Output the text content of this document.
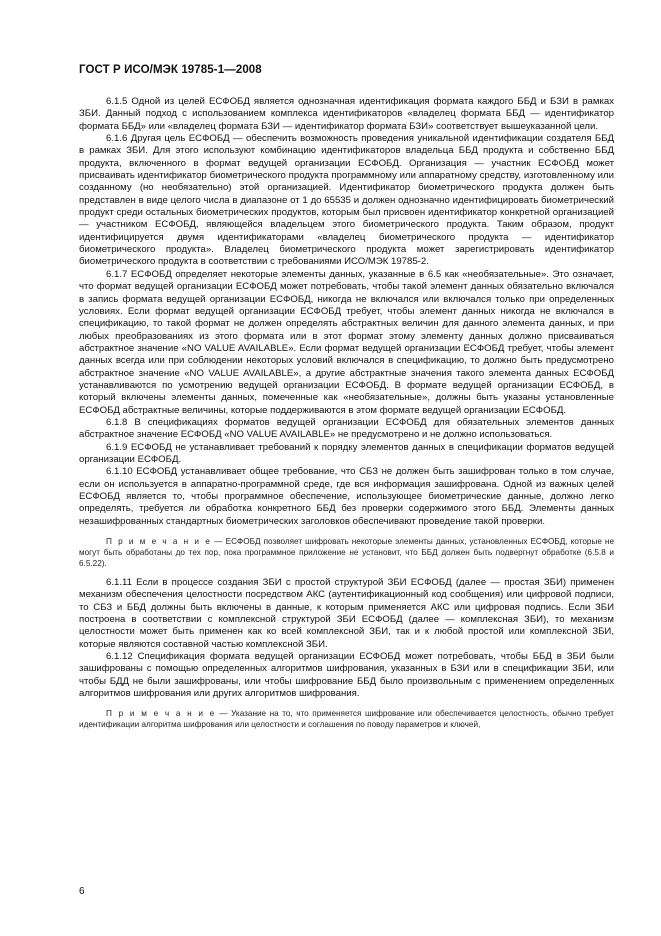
ГОСТ Р ИСО/МЭК 19785-1—2008

6.1.5 Одной из целей ЕСФОБД является однозначная идентификация формата каждого ББД и БЗИ в рамках ЗБИ. Данный подход с использованием комплекса идентификаторов «владелец формата ББД — идентификатор формата ББД» или «владелец формата БЗИ — идентификатор формата БЗИ» соответствует вышеуказанной цели.

6.1.6 Другая цель ЕСФОБД — обеспечить возможность проведения уникальной идентификации создателя ББД в рамках ЗБИ. Для этого используют комбинацию идентификаторов владельца ББД продукта и собственно ББД продукта, включенного в формат ведущей организации ЕСФОБД. Организация — участник ЕСФОБД может присваивать идентификатор биометрического продукта программному или аппаратному средству, изготовленному или созданному (но необязательно) этой организацией. Идентификатор биометрического продукта должен быть представлен в виде целого числа в диапазоне от 1 до 65535 и должен однозначно идентифицировать биометрический продукт среди остальных биометрических продуктов, которым был присвоен идентификатор конкретной организацией — участником ЕСФОБД, являющейся владельцем этого биометрического продукта. Таким образом, продукт идентифицируется двумя идентификаторами «владелец биометрического продукта — идентификатор биометрического продукта». Владелец биометрического продукта может зарегистрировать идентификатор биометрического продукта в соответствии с требованиями ИСО/МЭК 19785-2.

6.1.7 ЕСФОБД определяет некоторые элементы данных, указанные в 6.5 как «необязательные». Это означает, что формат ведущей организации ЕСФОБД может потребовать, чтобы такой элемент данных обязательно включался в запись формата ведущей организации ЕСФОБД, никогда не включался или включался только при определенных условиях. Если формат ведущей организации ЕСФОБД требует, чтобы элемент данных никогда не включался в спецификацию, то такой формат не должен определять абстрактных величин для данного элемента данных, и при любых преобразованиях из этого формата или в этот формат этому элементу данных должно присваиваться абстрактное значение «NO VALUE AVAILABLE». Если формат ведущей организации ЕСФОБД требует, чтобы элемент данных всегда или при соблюдении некоторых условий включался в спецификацию, то должно быть предусмотрено абстрактное значение «NO VALUE AVAILABLE», а другие абстрактные значения такого элемента данных ЕСФОБД устанавливаются по усмотрению ведущей организации ЕСФОБД. В формате ведущей организации ЕСФОБД, в который включены элементы данных, помеченные как «необязательные», должны быть указаны установленные ЕСФОБД абстрактные величины, которые поддерживаются в этом формате ведущей организации ЕСФОБД.

6.1.8 В спецификациях форматов ведущей организации ЕСФОБД для обязательных элементов данных абстрактное значение ЕСФОБД «NO VALUE AVAILABLE» не предусмотрено и не должно использоваться.

6.1.9 ЕСФОБД не устанавливает требований к порядку элементов данных в спецификации форматов ведущей организации ЕСФОБД.

6.1.10 ЕСФОБД устанавливает общее требование, что СБЗ не должен быть зашифрован только в том случае, если он используется в аппаратно-программной среде, где вся информация зашифрована. Одной из важных целей ЕСФОБД является то, чтобы программное обеспечение, использующее биометрические данные, должно легко определять, требуется ли обработка конкретного ББД без проверки содержимого этого ББД. Элементы данных незашифрованных стандартных биометрических заголовков обеспечивают проведение такой проверки.

П р и м е ч а н и е — ЕСФОБД позволяет шифровать некоторые элементы данных, установленных ЕСФОБД, которые не могут быть обработаны до тех пор, пока программное приложение не установит, что ББД должен быть подвергнут обработке (6.5.8 и 6.5.22).

6.1.11 Если в процессе создания ЗБИ с простой структурой ЗБИ ЕСФОБД (далее — простая ЗБИ) применен механизм обеспечения целостности посредством АКС (аутентификационный код сообщения) или цифровой подписи, то СБЗ и ББД должны быть включены в данные, к которым применяется АКС или цифровая подпись. Если ЗБИ построена в соответствии с комплексной структурой ЗБИ ЕСФОБД (далее — комплексная ЗБИ), то механизм целостности может быть применен как ко всей комплексной ЗБИ, так и к любой простой или комплексной ЗБИ, которые являются составной частью комплексной ЗБИ.

6.1.12 Спецификация формата ведущей организации ЕСФОБД может потребовать, чтобы ББД в ЗБИ были зашифрованы с помощью определенных алгоритмов шифрования, указанных в БЗИ или в спецификации ЗБИ, или чтобы БДД не были зашифрованы, или чтобы шифрование ББД было произвольным с применением определенных алгоритмов шифрования или других алгоритмов шифрования.

П р и м е ч а н и е — Указание на то, что применяется шифрование или обеспечивается целостность, обычно требует идентификации алгоритма шифрования или целостности и соглашения по поводу параметров и ключей,

6
